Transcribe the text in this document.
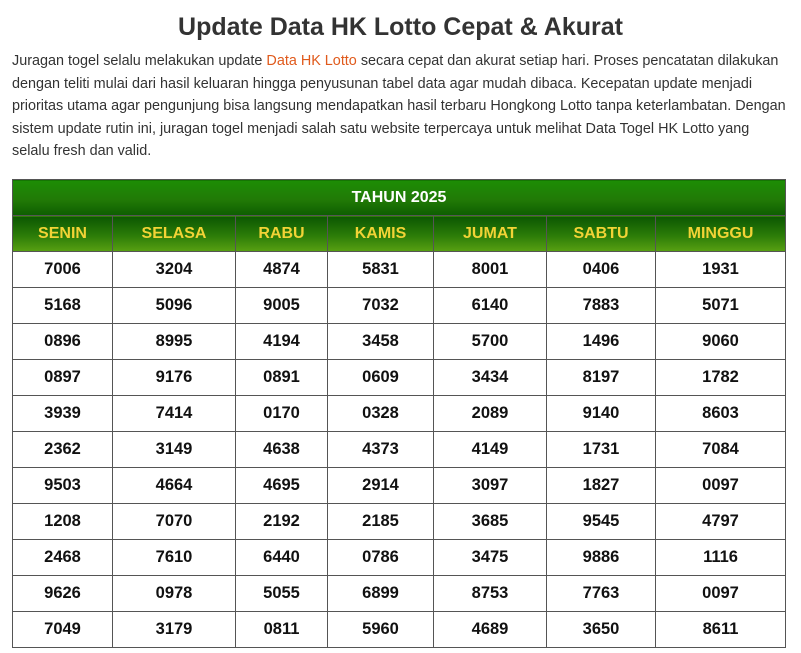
Update Data HK Lotto Cepat & Akurat

Juragan togel selalu melakukan update Data HK Lotto secara cepat dan akurat setiap hari. Proses pencatatan dilakukan dengan teliti mulai dari hasil keluaran hingga penyusunan tabel data agar mudah dibaca. Kecepatan update menjadi prioritas utama agar pengunjung bisa langsung mendapatkan hasil terbaru Hongkong Lotto tanpa keterlambatan. Dengan sistem update rutin ini, juragan togel menjadi salah satu website terpercaya untuk melihat Data Togel HK Lotto yang selalu fresh dan valid.

TAHUN 2025						
SENIN	SELASA	RABU	KAMIS	JUMAT	SABTU	MINGGU
7006	3204	4874	5831	8001	0406	1931
5168	5096	9005	7032	6140	7883	5071
0896	8995	4194	3458	5700	1496	9060
0897	9176	0891	0609	3434	8197	1782
3939	7414	0170	0328	2089	9140	8603
2362	3149	4638	4373	4149	1731	7084
9503	4664	4695	2914	3097	1827	0097
1208	7070	2192	2185	3685	9545	4797
2468	7610	6440	0786	3475	9886	1116
9626	0978	5055	6899	8753	7763	0097
7049	3179	0811	5960	4689	3650	8611
